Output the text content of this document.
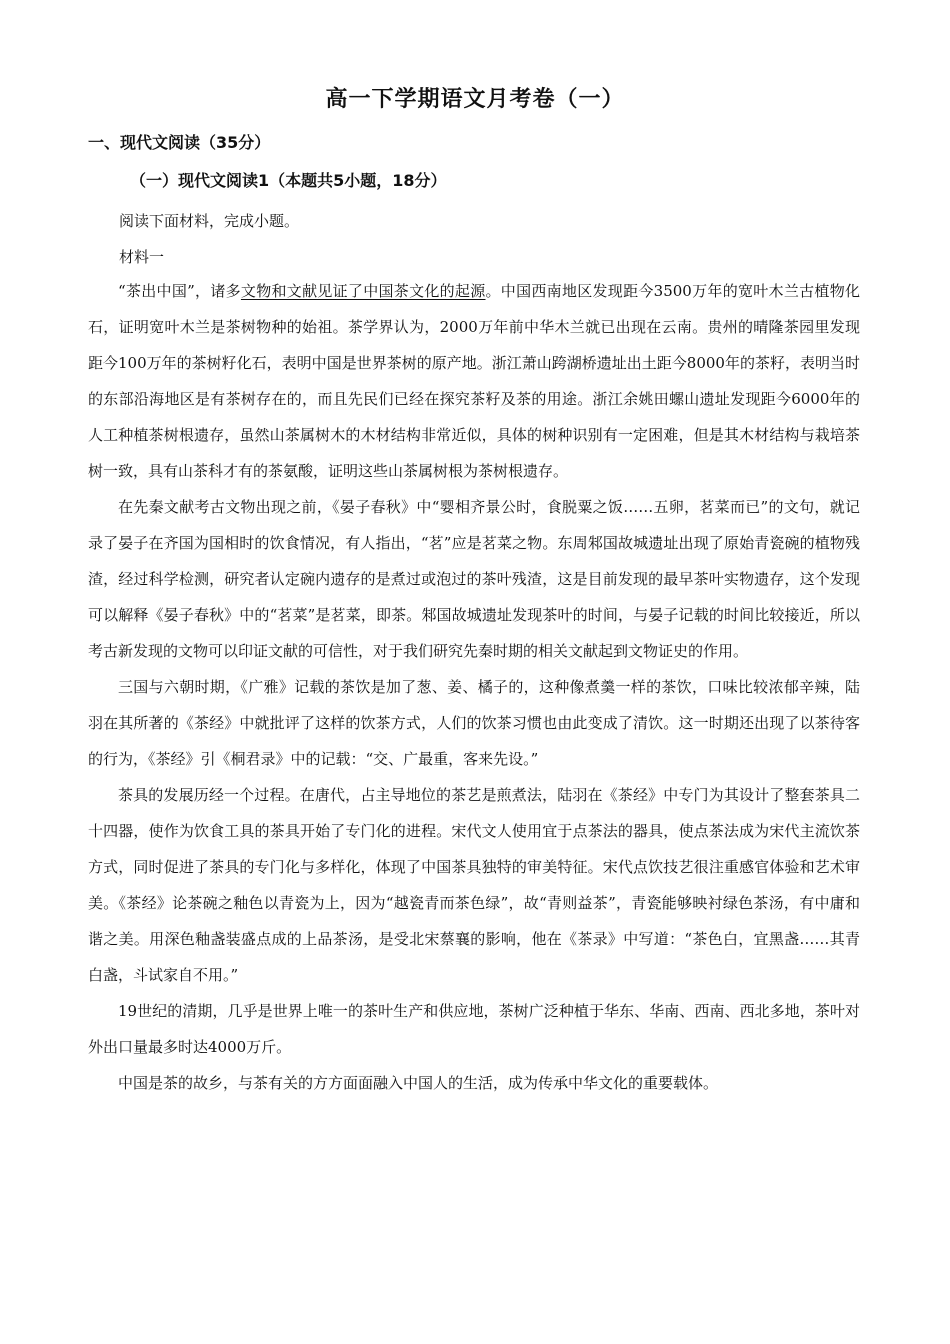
高一下学期语文月考卷（一）
一、现代文阅读（35分）
（一）现代文阅读1（本题共5小题，18分）
阅读下面材料，完成小题。
材料一

“茶出中国”，诸多文物和文献见证了中国茶文化的起源。中国西南地区发现距今3500万年的宽叶木兰古植物化石，证明宽叶木兰是茶树物种的始祖。茶学界认为，2000万年前中华木兰就已出现在云南。贵州的晴隆茶园里发现距今100万年的茶树籽化石，表明中国是世界茶树的原产地。浙江萧山跨湖桥遗址出土距今8000年的茶籽，表明当时的东部沿海地区是有茶树存在的，而且先民们已经在探究茶籽及茶的用途。浙江余姚田螺山遗址发现距今6000年的人工种植茶树根遗存，虽然山茶属树木的木材结构非常近似，具体的树种识别有一定困难，但是其木材结构与栽培茶树一致，具有山茶科才有的茶氨酸，证明这些山茶属树根为茶树根遗存。

在先秦文献考古文物出现之前，《晏子春秋》中“婴相齐景公时，食脱粟之饭……五卵，茗菜而已”的文句，就记录了晏子在齐国为国相时的饮食情况，有人指出，“茗”应是茗菜之物。东周邾国故城遗址出现了原始青瓷碗的植物残渣，经过科学检测，研究者认定碗内遗存的是煮过或泡过的茶叶残渣，这是目前发现的最早茶叶实物遗存，这个发现可以解释《晏子春秋》中的“茗菜”是茗菜，即茶。邾国故城遗址发现茶叶的时间，与晏子记载的时间比较接近，所以考古新发现的文物可以印证文献的可信性，对于我们研究先秦时期的相关文献起到文物证史的作用。

三国与六朝时期，《广雅》记载的茶饮是加了葱、姜、橘子的，这种像煮羹一样的茶饮，口味比较浓郁辛辣，陆羽在其所著的《茶经》中就批评了这样的饮茶方式，人们的饮茶习惯也由此变成了清饮。这一时期还出现了以茶待客的行为，《茶经》引《桐君录》中的记载：“交、广最重，客来先设。”

茶具的发展历经一个过程。在唐代，占主导地位的茶艺是煎煮法，陆羽在《茶经》中专门为其设计了整套茶具二十四器，使作为饮食工具的茶具开始了专门化的进程。宋代文人使用宜于点茶法的器具，使点茶法成为宋代主流饮茶方式，同时促进了茶具的专门化与多样化，体现了中国茶具独特的审美特征。宋代点饮技艺很注重感官体验和艺术审美。《茶经》论茶碗之釉色以青瓷为上，因为“越瓷青而茶色绿”，故“青则益茶”，青瓷能够映衬绿色茶汤，有中庸和谐之美。用深色釉盏装盛点成的上品茶汤，是受北宋蔡襄的影响，他在《茶录》中写道：“茶色白，宜黑盏……其青白盏，斗试家自不用。”

19世纪的清期，几乎是世界上唯一的茶叶生产和供应地，茶树广泛种植于华东、华南、西南、西北多地，茶叶对外出口量最多时达4000万斤。

中国是茶的故乡，与茶有关的方方面面融入中国人的生活，成为传承中华文化的重要载体。
